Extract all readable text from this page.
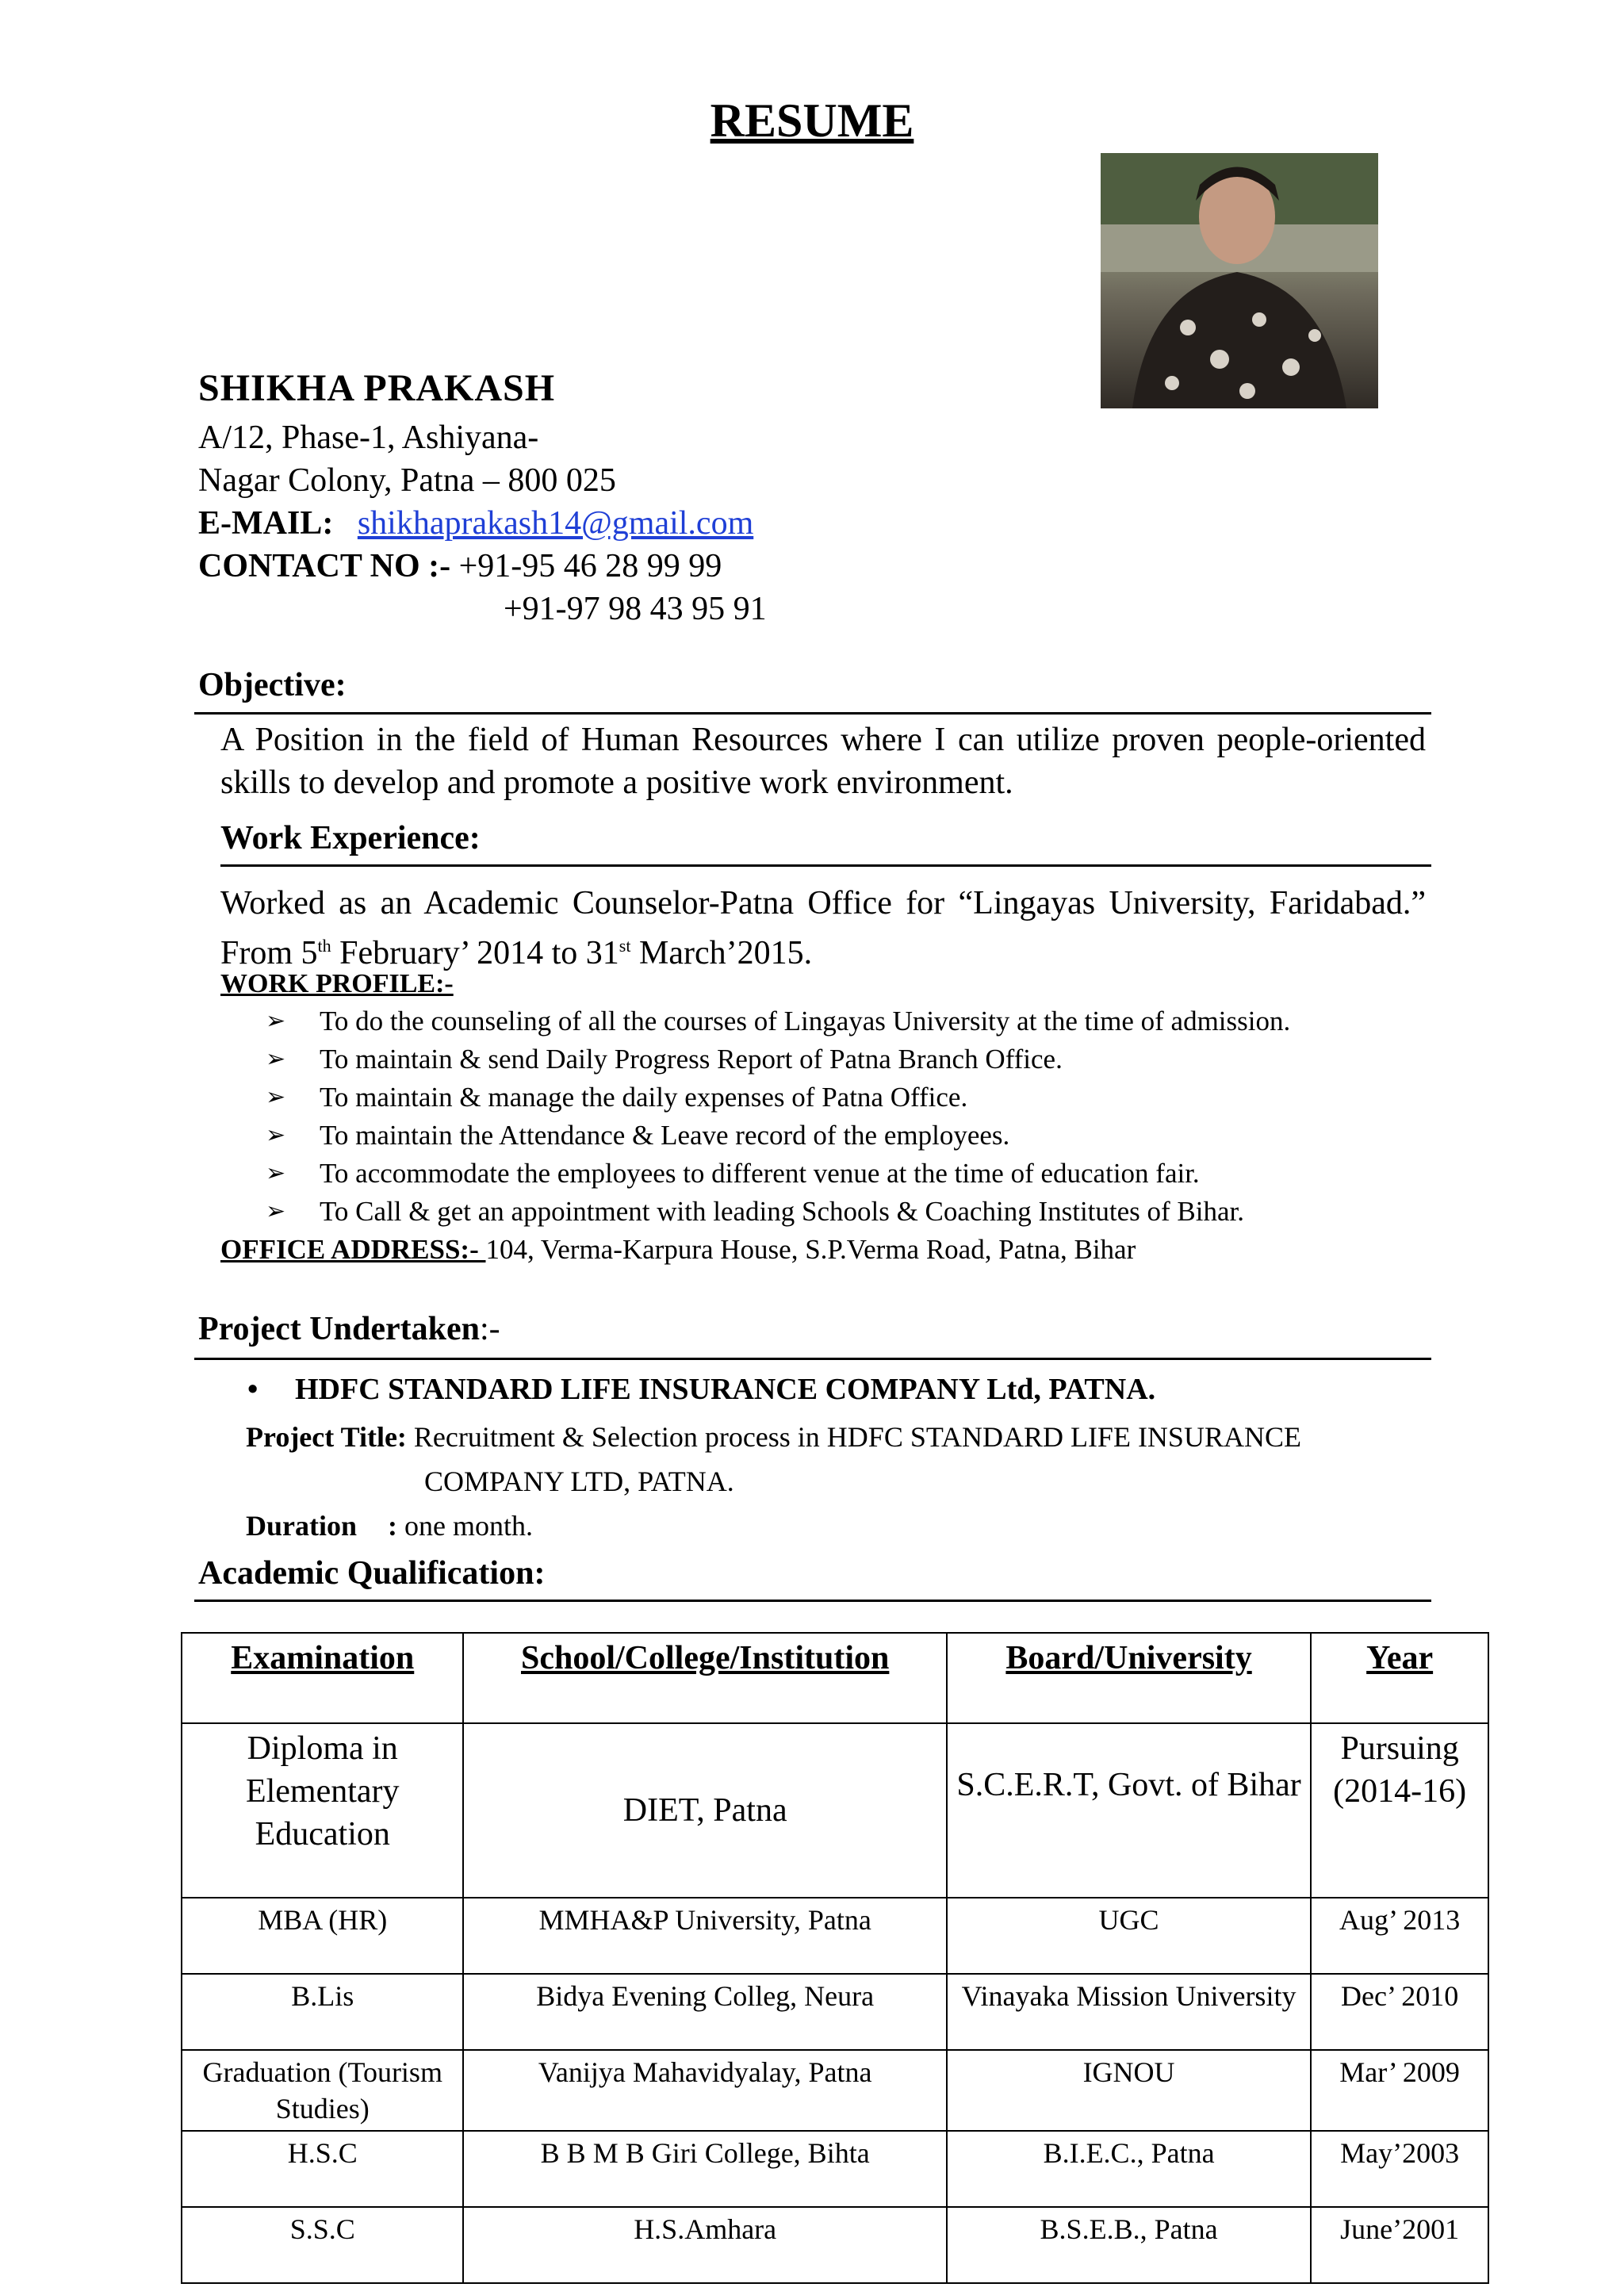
RESUME
SHIKHA PRAKASH
A/12, Phase-1, Ashiyana-
Nagar Colony, Patna – 800 025
E-MAIL: shikhaprakash14@gmail.com
CONTACT NO :- +91-95 46 28 99 99
+91-97 98 43 95 91
Objective:
A Position in the field of Human Resources where I can utilize proven people-oriented skills to develop and promote a positive work environment.
Work Experience:
Worked as an Academic Counselor-Patna Office for “Lingayas University, Faridabad.” From 5th February’ 2014 to 31st March’2015.
WORK PROFILE:-
➢ To do the counseling of all the courses of Lingayas University at the time of admission.
➢ To maintain & send Daily Progress Report of Patna Branch Office.
➢ To maintain & manage the daily expenses of Patna Office.
➢ To maintain the Attendance & Leave record of the employees.
➢ To accommodate the employees to different venue at the time of education fair.
➢ To Call & get an appointment with leading Schools & Coaching Institutes of Bihar.
OFFICE ADDRESS:- 104, Verma-Karpura House, S.P.Verma Road, Patna, Bihar
Project Undertaken:-
• HDFC STANDARD LIFE INSURANCE COMPANY Ltd, PATNA.
Project Title: Recruitment & Selection process in HDFC STANDARD LIFE INSURANCE
COMPANY LTD, PATNA.
Duration : one month.
Academic Qualification:
Examination	School/College/Institution	Board/University	Year
Diploma in Elementary Education	DIET, Patna	S.C.E.R.T, Govt. of Bihar	Pursuing (2014-16)
MBA (HR)	MMHA&P University, Patna	UGC	Aug’ 2013
B.Lis	Bidya Evening Colleg, Neura	Vinayaka Mission University	Dec’ 2010
Graduation (Tourism Studies)	Vanijya Mahavidyalay, Patna	IGNOU	Mar’ 2009
H.S.C	B B M B Giri College, Bihta	B.I.E.C., Patna	May’2003
S.S.C	H.S.Amhara	B.S.E.B., Patna	June’2001
